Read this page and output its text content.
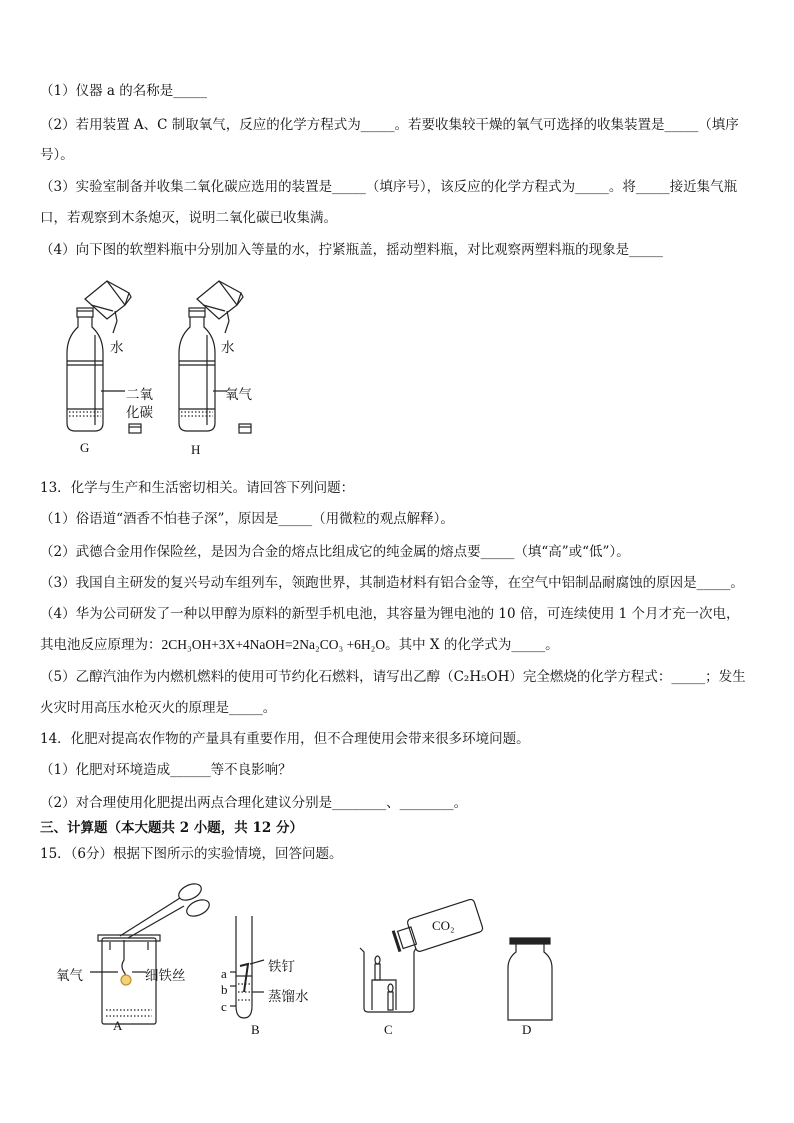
（1）仪器 a 的名称是_____
（2）若用装置 A、C 制取氧气，反应的化学方程式为_____。若要收集较干燥的氧气可选择的收集装置是_____（填序
号）。
（3）实验室制备并收集二氧化碳应选用的装置是_____（填序号），该反应的化学方程式为_____。将_____接近集气瓶
口，若观察到木条熄灭，说明二氧化碳已收集满。
（4）向下图的软塑料瓶中分别加入等量的水，拧紧瓶盖，摇动塑料瓶，对比观察两塑料瓶的现象是_____
水	水
二氧
化碳
氧气
G	H
13．化学与生产和生活密切相关。请回答下列问题：
（1）俗语道“酒香不怕巷子深”，原因是_____（用微粒的观点解释）。
（2）武德合金用作保险丝，是因为合金的熔点比组成它的纯金属的熔点要_____（填“高”或“低”）。
（3）我国自主研发的复兴号动车组列车，领跑世界，其制造材料有铝合金等，在空气中铝制品耐腐蚀的原因是_____。
（4）华为公司研发了一种以甲醇为原料的新型手机电池，其容量为锂电池的 10 倍，可连续使用 1 个月才充一次电，
其电池反应原理为：2CH₃OH+3X+4NaOH=2Na₂CO₃ +6H₂O。其中 X 的化学式为_____。
（5）乙醇汽油作为内燃机燃料的使用可节约化石燃料，请写出乙醇（C₂H₅OH）完全燃烧的化学方程式：_____；发生
火灾时用高压水枪灭火的原理是_____。
14．化肥对提高农作物的产量具有重要作用，但不合理使用会带来很多环境问题。
（1）化肥对环境造成______等不良影响？
（2）对合理使用化肥提出两点合理化建议分别是________、________。
三、计算题（本大题共 2 小题，共 12 分）
15．（6分）根据下图所示的实验情境，回答问题。
氧气	细铁丝	a
b
c
铁钉
蒸馏水
CO₂
A	B	C	D
